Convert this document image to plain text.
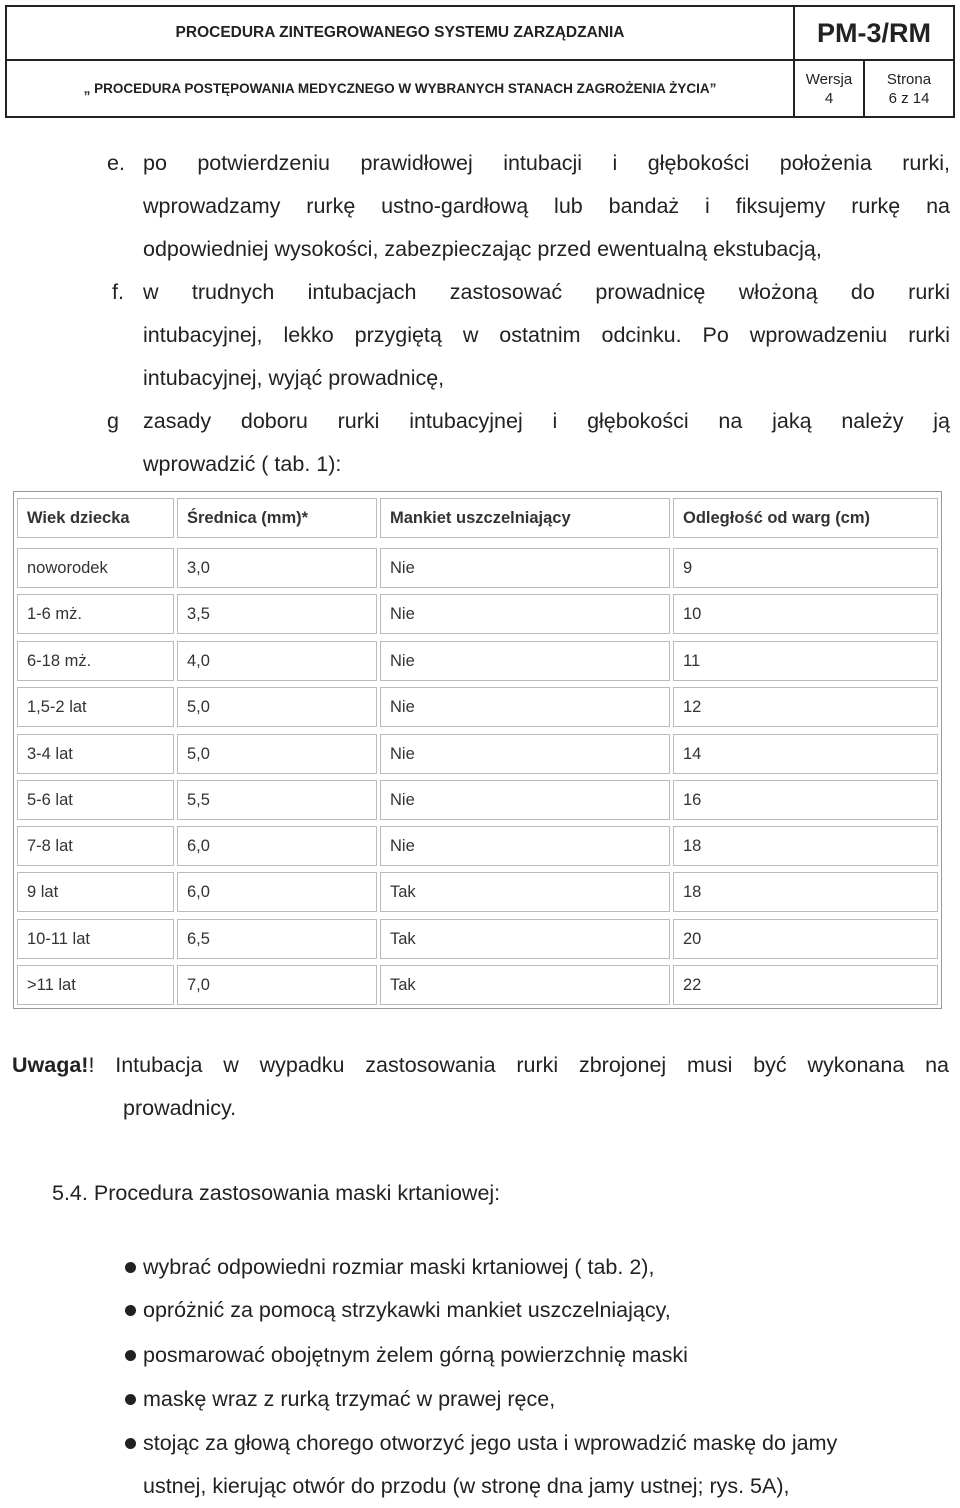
PROCEDURA ZINTEGROWANEGO SYSTEMU ZARZĄDZANIA	PM-3/RM
„ PROCEDURA POSTĘPOWANIA MEDYCZNEGO W WYBRANYCH STANACH ZAGROŻENIA ŻYCIA”
Wersja
4
Strona
6 z 14
e. po potwierdzeniu prawidłowej intubacji i głębokości położenia rurki,
wprowadzamy rurkę ustno-gardłową lub bandaż i fiksujemy rurkę na
odpowiedniej wysokości, zabezpieczając przed ewentualną ekstubacją,
f. w trudnych intubacjach zastosować prowadnicę włożoną do rurki
intubacyjnej, lekko przygiętą w ostatnim odcinku. Po wprowadzeniu rurki
intubacyjnej, wyjąć prowadnicę,
g zasady doboru rurki intubacyjnej i głębokości na jaką należy ją
wprowadzić ( tab. 1):
Wiek dziecka	Średnica (mm)*	Mankiet uszczelniający	Odległość od warg (cm)
noworodek	3,0	Nie	9
1-6 mż.	3,5	Nie	10
6-18 mż.	4,0	Nie	11
1,5-2 lat	5,0	Nie	12
3-4 lat	5,0	Nie	14
5-6 lat	5,5	Nie	16
7-8 lat	6,0	Nie	18
9 lat	6,0	Tak	18
10-11 lat	6,5	Tak	20
>11 lat	7,0	Tak	22
Uwaga!! Intubacja w wypadku zastosowania rurki zbrojonej musi być wykonana na
prowadnicy.
5.4. Procedura zastosowania maski krtaniowej:
wybrać odpowiedni rozmiar maski krtaniowej ( tab. 2),
opróżnić za pomocą strzykawki mankiet uszczelniający,
posmarować obojętnym żelem górną powierzchnię maski
maskę wraz z rurką trzymać w prawej ręce,
stojąc za głową chorego otworzyć jego usta i wprowadzić maskę do jamy
ustnej, kierując otwór do przodu (w stronę dna jamy ustnej; rys. 5A),
